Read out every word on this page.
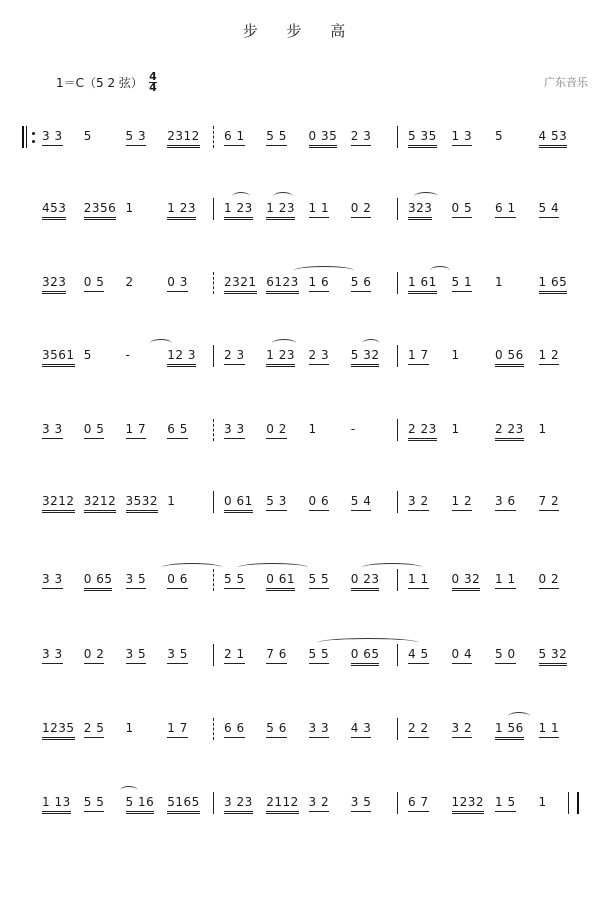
步 步 高
1＝C（5 2 弦） $\frac{4}{4}$	广东音乐
3 3 5	5 3 2312 6 1 5 5 0 35 2 3	5 35 1 3 5	4 53
453 2356 1	1 23 1 23 1 23 1 1 0 2	323 0 5 6 1 5 4
323 0 5 2	0 3	2321 6123 1 6 5 6	1 61 5 1 1	1 65
3561 5	-	12 3 2 3 1 23 2 3 5 32 1 7 1	0 56 1 2
3 3 0 5 1 7 6 5	3 3 0 2 1	-	2 23 1	2 23 1
3212 3212 3532 1	0 61 5 3 0 6 5 4	3 2 1 2 3 6 7 2
3 3 0 65 3 5 0 6	5 5 0 61 5 5 0 23 1 1 0 32 1 1 0 2
3 3 0 2 3 5 3 5	2 1 7 6 5 5 0 65 4 5 0 4 5 0 5 32
1235 2 5 1	1 7	6 6 5 6 3 3 4 3	2 2 3 2 1 56 1 1
1 13 5 5 5 16 5165 3 23 2112 3 2 3 5	6 7 1232 1 5 1
